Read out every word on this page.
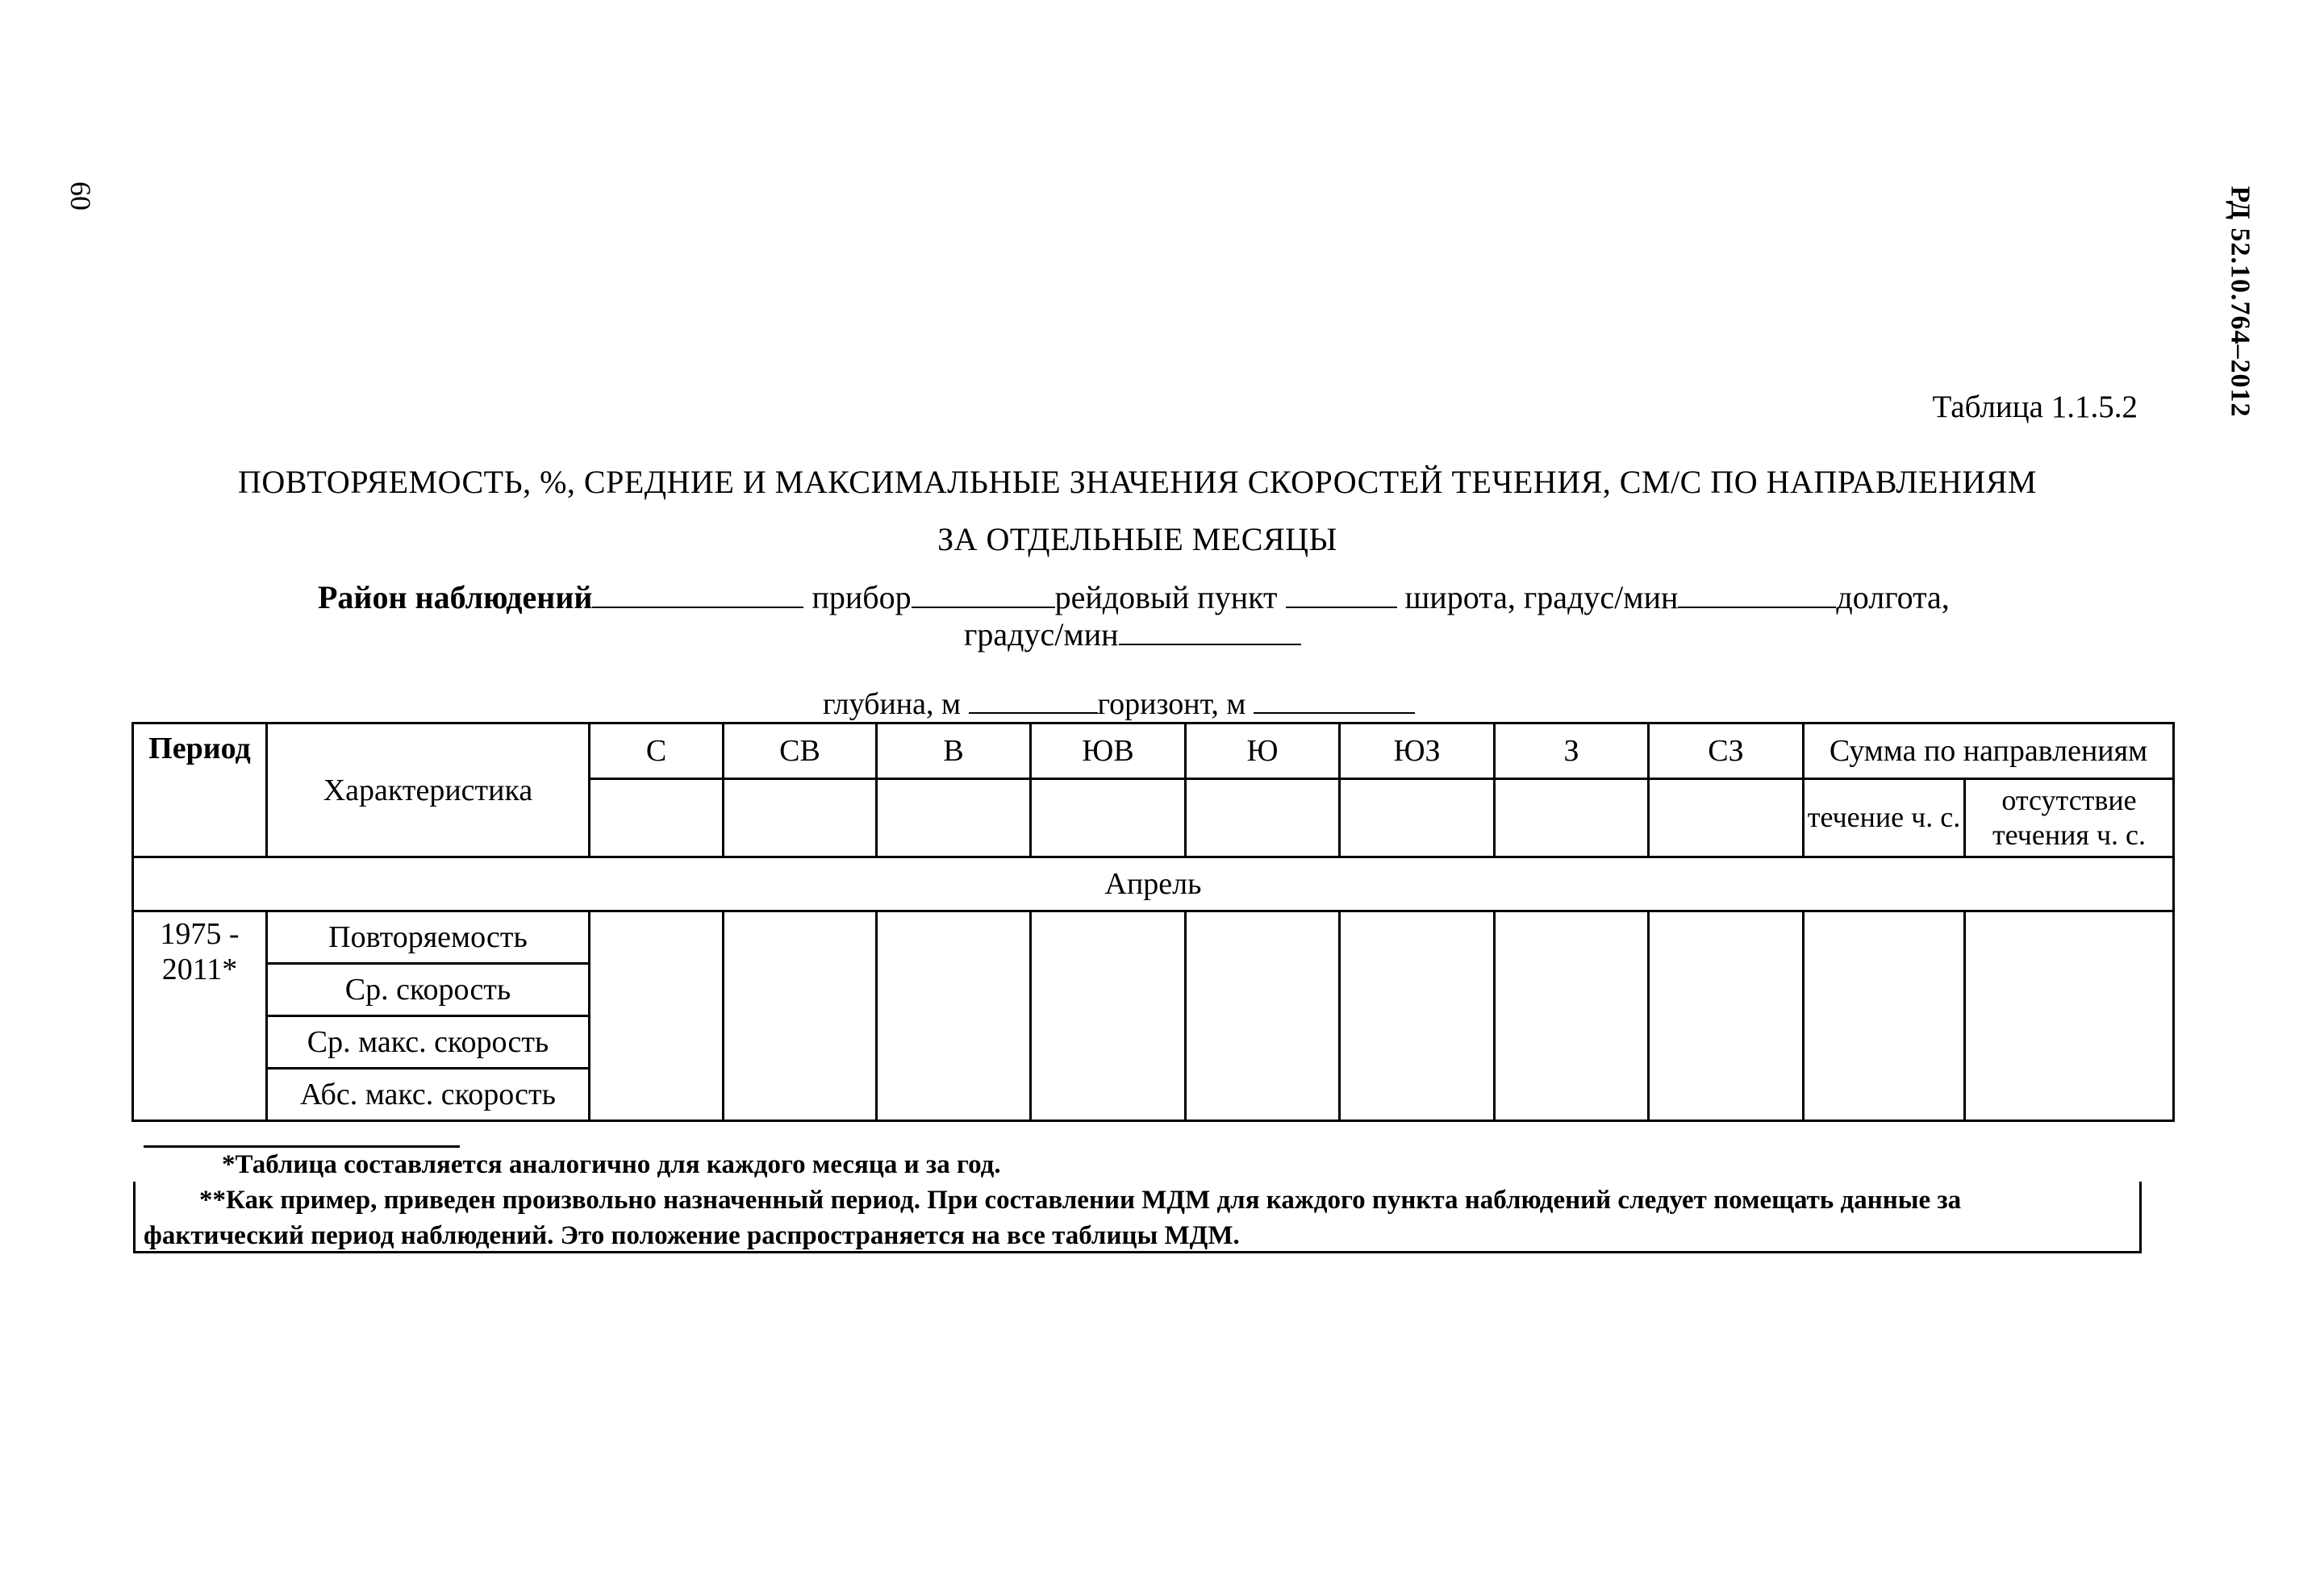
60	РД 52.10.764–2012
Таблица 1.1.5.2
ПОВТОРЯЕМОСТЬ, %, СРЕДНИЕ И МАКСИМАЛЬНЫЕ ЗНАЧЕНИЯ СКОРОСТЕЙ ТЕЧЕНИЯ, СМ/С ПО НАПРАВЛЕНИЯМ
ЗА ОТДЕЛЬНЫЕ МЕСЯЦЫ
Район наблюдений	прибор	рейдовый пункт	широта, градус/мин	долгота,
градус/мин
глубина, м	горизонт, м
Период	Характеристика	С	СВ	В	ЮВ	Ю	ЮЗ	З	СЗ	Сумма по направлениям	
										течение ч. с.	отсутствие течения ч. с.
Апрель											

1975 -
2011*	Повторяемость										
	Ср. скорость										
	Ср. макс. скорость										
	Абс. макс. скорость										
*Таблица составляется аналогично для каждого месяца и за год.
**Как пример, приведен произвольно назначенный период. При составлении МДМ для каждого пункта наблюдений следует помещать данные за
фактический период наблюдений. Это положение распространяется на все таблицы МДМ.
